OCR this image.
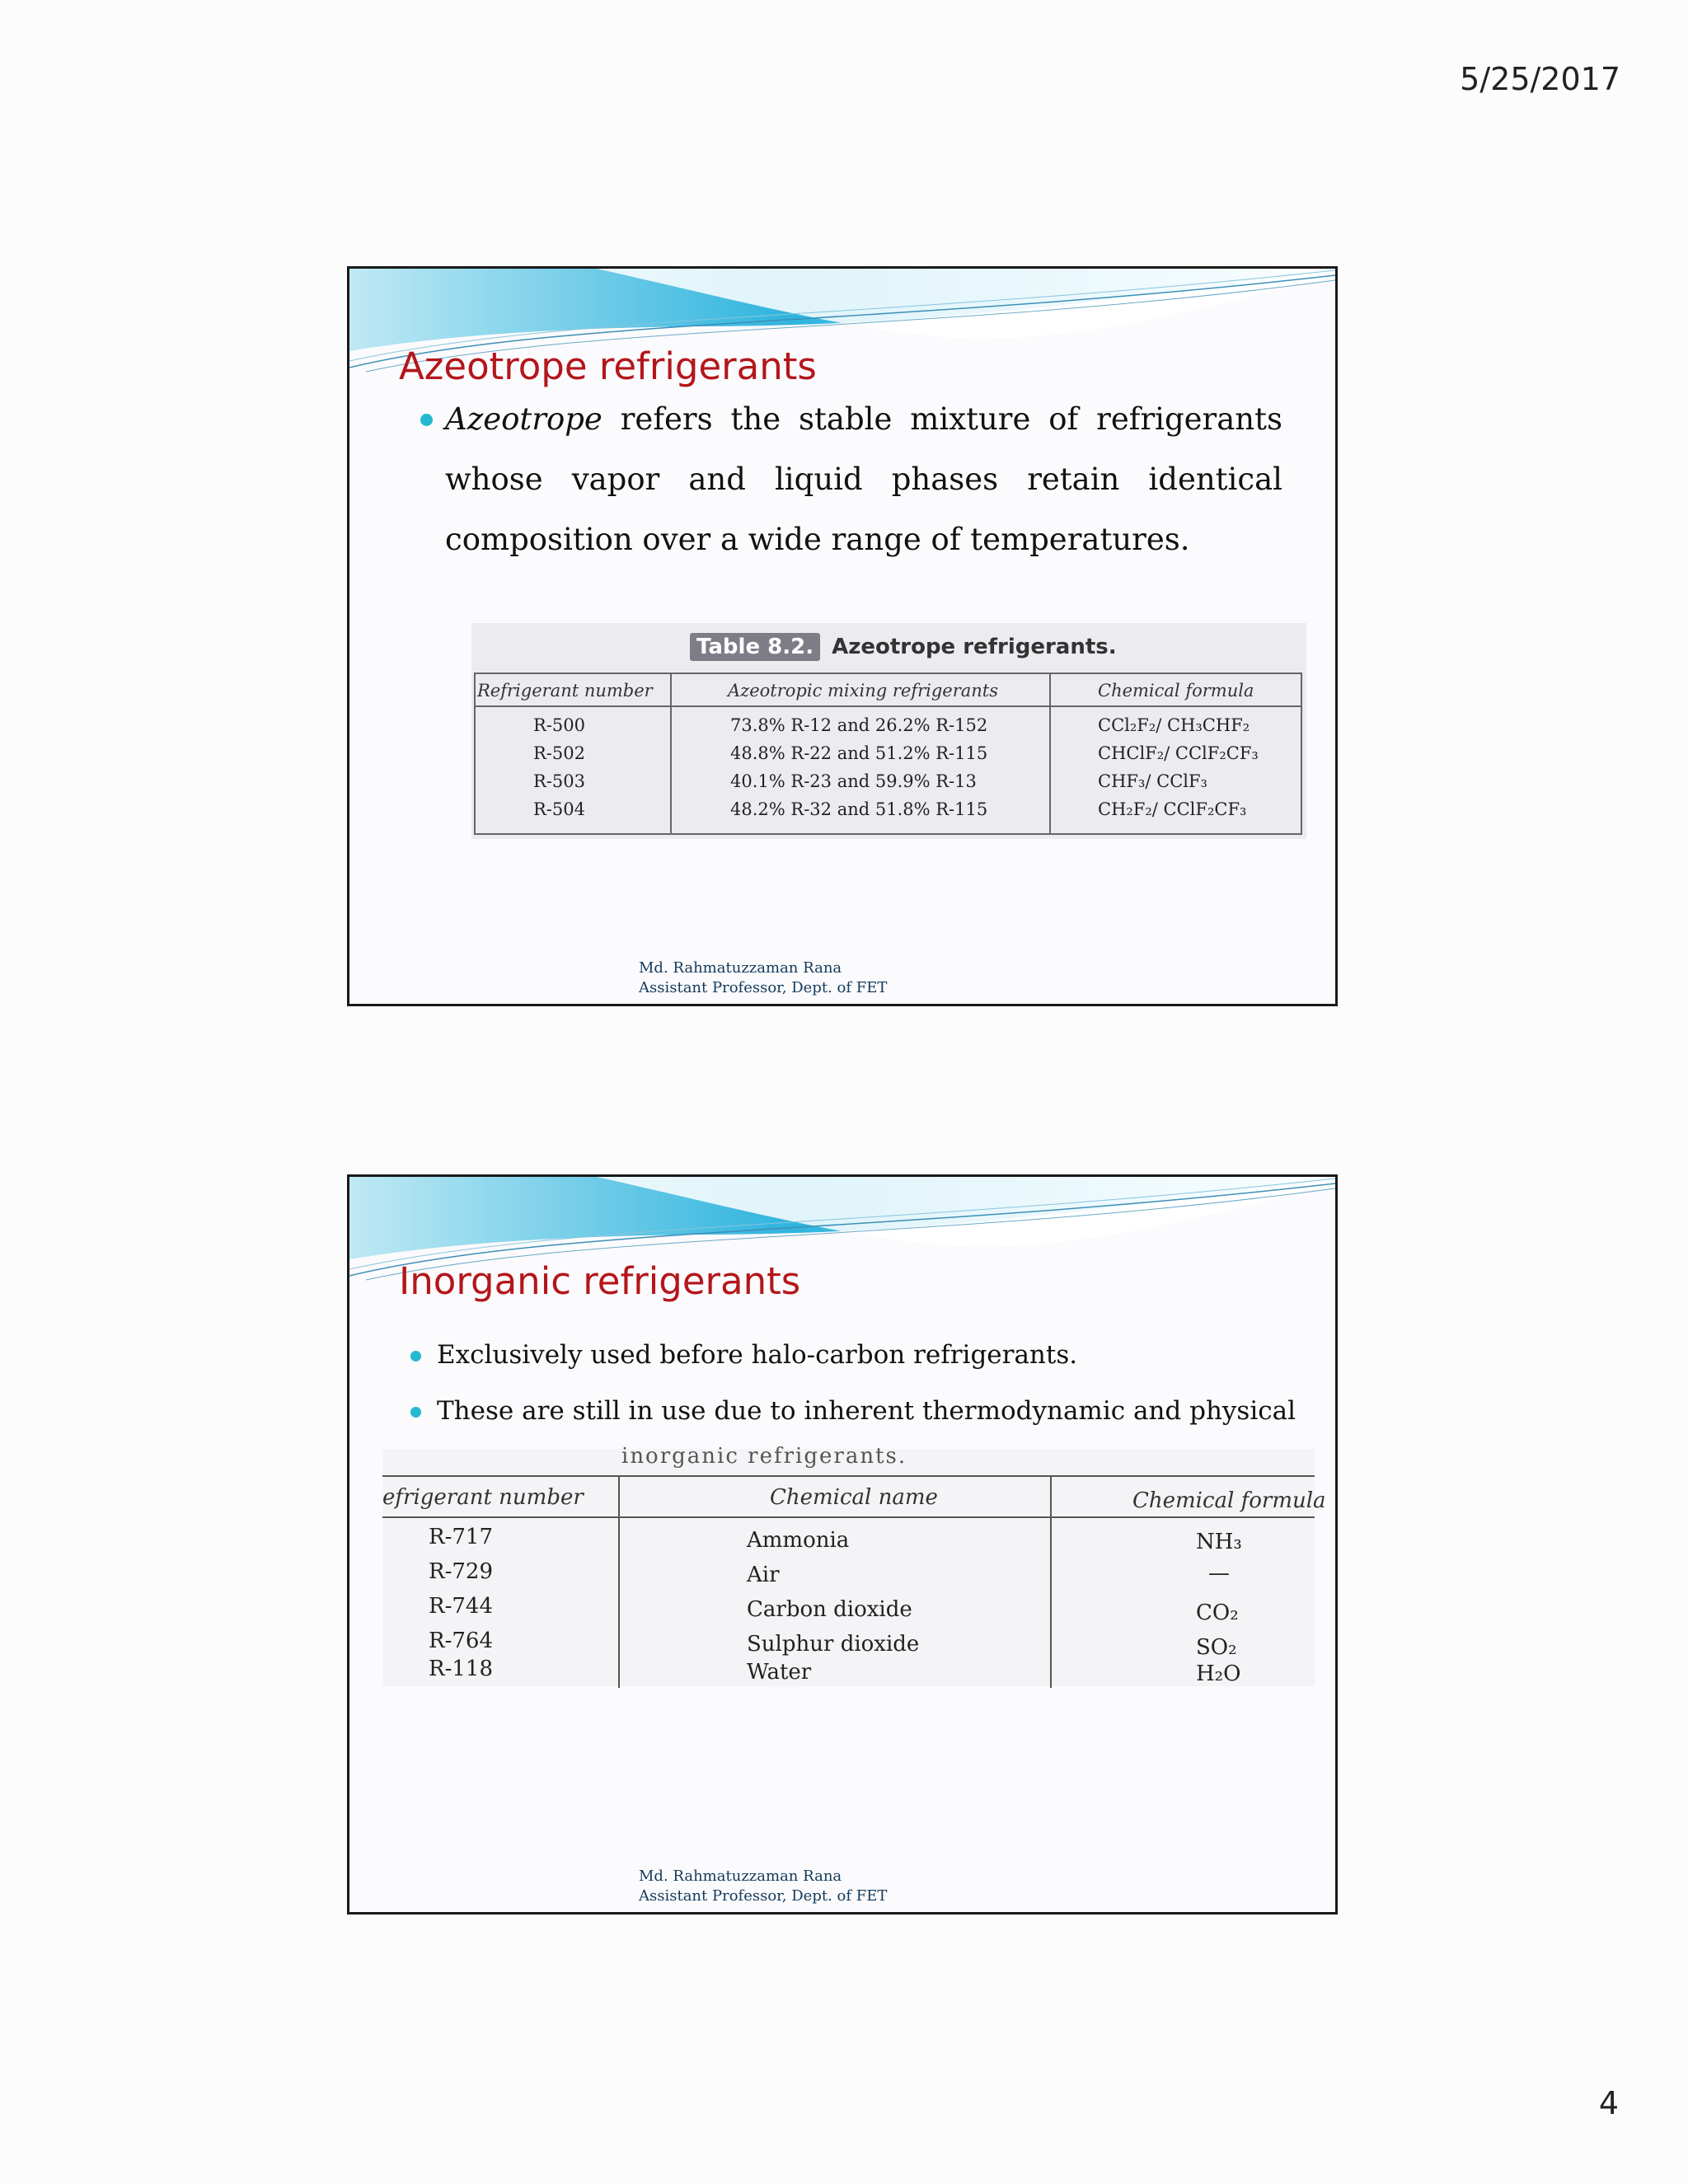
5/25/2017
Azeotrope refrigerants
Azeotrope refers the stable mixture of refrigerants whose vapor and liquid phases retain identical composition over a wide range of temperatures.
Table 8.2. Azeotrope refrigerants.
Refrigerant number	Azeotropic mixing refrigerants	Chemical formula
R-500	73.8% R-12 and 26.2% R-152	CCl₂F₂/ CH₃CHF₂
R-502	48.8% R-22 and 51.2% R-115	CHClF₂/ CClF₂CF₃
R-503	40.1% R-23 and 59.9% R-13	CHF₃/ CClF₃
R-504	48.2% R-32 and 51.8% R-115	CH₂F₂/ CClF₂CF₃
Md. Rahmatuzzaman Rana
Assistant Professor, Dept. of FET
Inorganic refrigerants
Exclusively used before halo-carbon refrigerants.
These are still in use due to inherent thermodynamic and physical
inorganic refrigerants.
efrigerant number	Chemical name	Chemical formula
R-717	Ammonia	NH₃
R-729	Air	—
R-744	Carbon dioxide	CO₂
R-764	Sulphur dioxide	SO₂
R-118	Water	H₂O
Md. Rahmatuzzaman Rana
Assistant Professor, Dept. of FET
4
